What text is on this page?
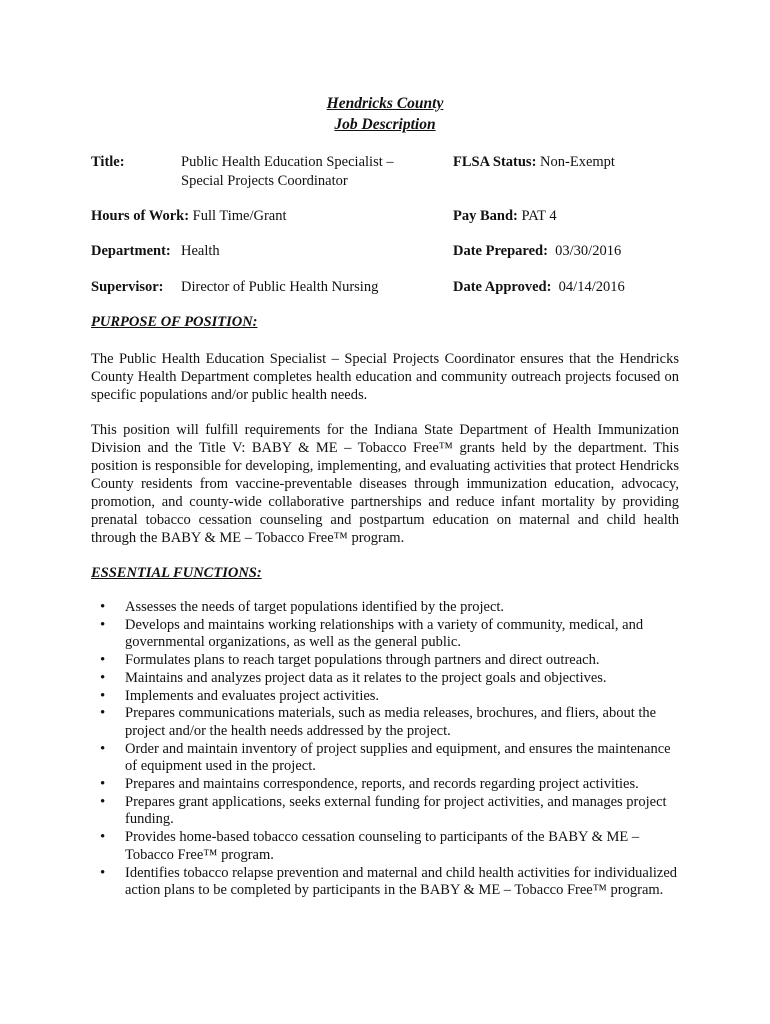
Hendricks County
Job Description
Title:	Public Health Education Specialist –
Special Projects Coordinator
FLSA Status: Non-Exempt
Hours of Work: Full Time/Grant	Pay Band: PAT 4
Department: Health	Date Prepared: 03/30/2016
Supervisor: Director of Public Health Nursing	Date Approved: 04/14/2016
PURPOSE OF POSITION:
The Public Health Education Specialist – Special Projects Coordinator ensures that the Hendricks County Health Department completes health education and community outreach projects focused on specific populations and/or public health needs.
This position will fulfill requirements for the Indiana State Department of Health Immunization Division and the Title V: BABY & ME – Tobacco Free™ grants held by the department. This position is responsible for developing, implementing, and evaluating activities that protect Hendricks County residents from vaccine-preventable diseases through immunization education, advocacy, promotion, and county-wide collaborative partnerships and reduce infant mortality by providing prenatal tobacco cessation counseling and postpartum education on maternal and child health through the BABY & ME – Tobacco Free™ program.
ESSENTIAL FUNCTIONS:
• Assesses the needs of target populations identified by the project.
• Develops and maintains working relationships with a variety of community, medical, and governmental organizations, as well as the general public.
• Formulates plans to reach target populations through partners and direct outreach.
• Maintains and analyzes project data as it relates to the project goals and objectives.
• Implements and evaluates project activities.
• Prepares communications materials, such as media releases, brochures, and fliers, about the project and/or the health needs addressed by the project.
• Order and maintain inventory of project supplies and equipment, and ensures the maintenance of equipment used in the project.
• Prepares and maintains correspondence, reports, and records regarding project activities.
• Prepares grant applications, seeks external funding for project activities, and manages project funding.
• Provides home-based tobacco cessation counseling to participants of the BABY & ME – Tobacco Free™ program.
• Identifies tobacco relapse prevention and maternal and child health activities for individualized action plans to be completed by participants in the BABY & ME – Tobacco Free™ program.
